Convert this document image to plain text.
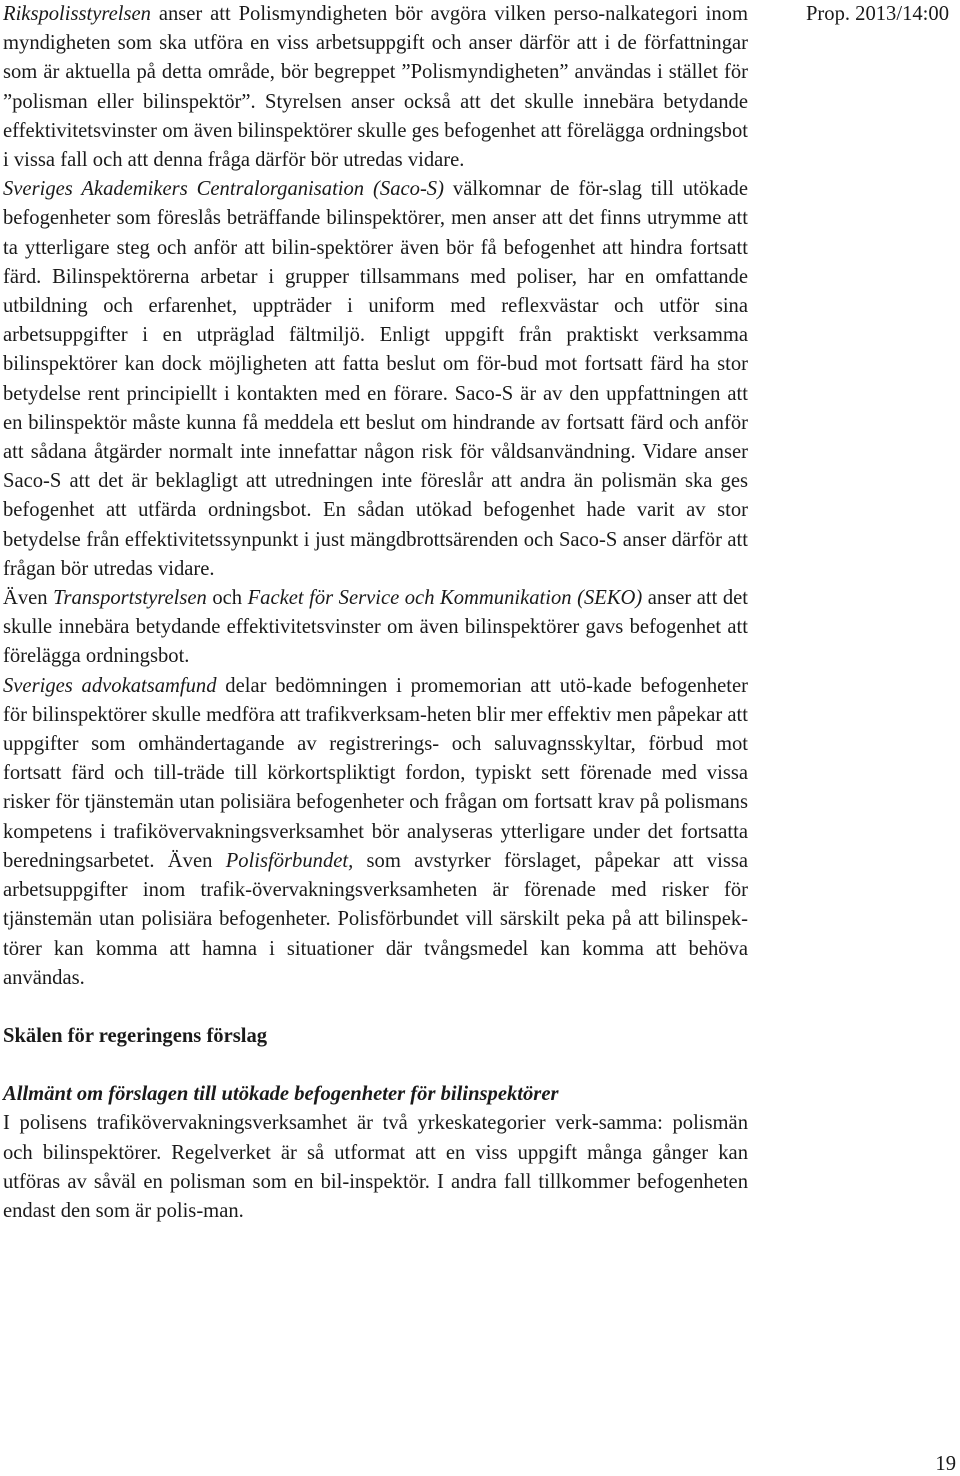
Prop. 2013/14:00

Rikspolisstyrelsen anser att Polismyndigheten bör avgöra vilken perso-nalkategori inom myndigheten som ska utföra en viss arbetsuppgift och anser därför att i de författningar som är aktuella på detta område, bör begreppet ”Polismyndigheten” användas i stället för ”polisman eller bilinspektör”. Styrelsen anser också att det skulle innebära betydande effektivitetsvinster om även bilinspektörer skulle ges befogenhet att förelägga ordningsbot i vissa fall och att denna fråga därför bör utredas vidare.

Sveriges Akademikers Centralorganisation (Saco-S) välkomnar de för-slag till utökade befogenheter som föreslås beträffande bilinspektörer, men anser att det finns utrymme att ta ytterligare steg och anför att bilin-spektörer även bör få befogenhet att hindra fortsatt färd. Bilinspektörerna arbetar i grupper tillsammans med poliser, har en omfattande utbildning och erfarenhet, uppträder i uniform med reflexvästar och utför sina arbetsuppgifter i en utpräglad fältmiljö. Enligt uppgift från praktiskt verksamma bilinspektörer kan dock möjligheten att fatta beslut om för-bud mot fortsatt färd ha stor betydelse rent principiellt i kontakten med en förare. Saco-S är av den uppfattningen att en bilinspektör måste kunna få meddela ett beslut om hindrande av fortsatt färd och anför att sådana åtgärder normalt inte innefattar någon risk för våldsanvändning. Vidare anser Saco-S att det är beklagligt att utredningen inte föreslår att andra än polismän ska ges befogenhet att utfärda ordningsbot. En sådan utökad befogenhet hade varit av stor betydelse från effektivitetssynpunkt i just mängdbrottsärenden och Saco-S anser därför att frågan bör utredas vidare.

Även Transportstyrelsen och Facket för Service och Kommunikation (SEKO) anser att det skulle innebära betydande effektivitetsvinster om även bilinspektörer gavs befogenhet att förelägga ordningsbot.

Sveriges advokatsamfund delar bedömningen i promemorian att utö-kade befogenheter för bilinspektörer skulle medföra att trafikverksam-heten blir mer effektiv men påpekar att uppgifter som omhändertagande av registrerings- och saluvagnsskyltar, förbud mot fortsatt färd och till-träde till körkortspliktigt fordon, typiskt sett förenade med vissa risker för tjänstemän utan polisiära befogenheter och frågan om fortsatt krav på polismans kompetens i trafikövervakningsverksamhet bör analyseras ytterligare under det fortsatta beredningsarbetet. Även Polisförbundet, som avstyrker förslaget, påpekar att vissa arbetsuppgifter inom trafik-övervakningsverksamheten är förenade med risker för tjänstemän utan polisiära befogenheter. Polisförbundet vill särskilt peka på att bilinspek-törer kan komma att hamna i situationer där tvångsmedel kan komma att behöva användas.

Skälen för regeringens förslag
Allmänt om förslagen till utökade befogenheter för bilinspektörer

I polisens trafikövervakningsverksamhet är två yrkeskategorier verk-samma: polismän och bilinspektörer. Regelverket är så utformat att en viss uppgift många gånger kan utföras av såväl en polisman som en bil-inspektör. I andra fall tillkommer befogenheten endast den som är polis-man.

19
